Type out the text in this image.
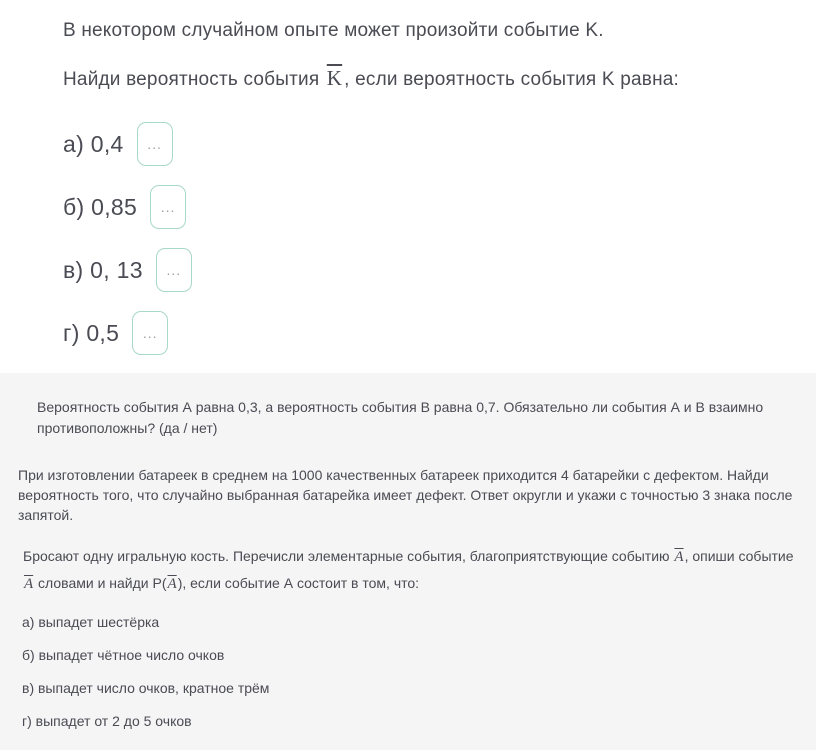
В некотором случайном опыте может произойти событие K.

Найди вероятность события $\overline{K}$ , если вероятность события K равна:

а) 0,4
...
б) 0,85
...
в) 0, 13
...
г) 0,5
...

Вероятность события А равна 0,3, а вероятность события В равна 0,7. Обязательно ли события А и В взаимно противоположны? (да / нет)

При изготовлении батареек в среднем на 1000 качественных батареек приходится 4 батарейки с дефектом. Найди вероятность того, что случайно выбранная батарейка имеет дефект. Ответ округли и укажи с точностью 3 знака после запятой.

Бросают одну игральную кость. Перечисли элементарные события, благоприятствующие событию $\overline{A}$, опиши событие $\overline{A}$ словами и найди $P(\overline{A})$, если событие А состоит в том, что:

а) выпадет шестёрка

б) выпадет чётное число очков

в) выпадет число очков, кратное трём

г) выпадет от 2 до 5 очков
